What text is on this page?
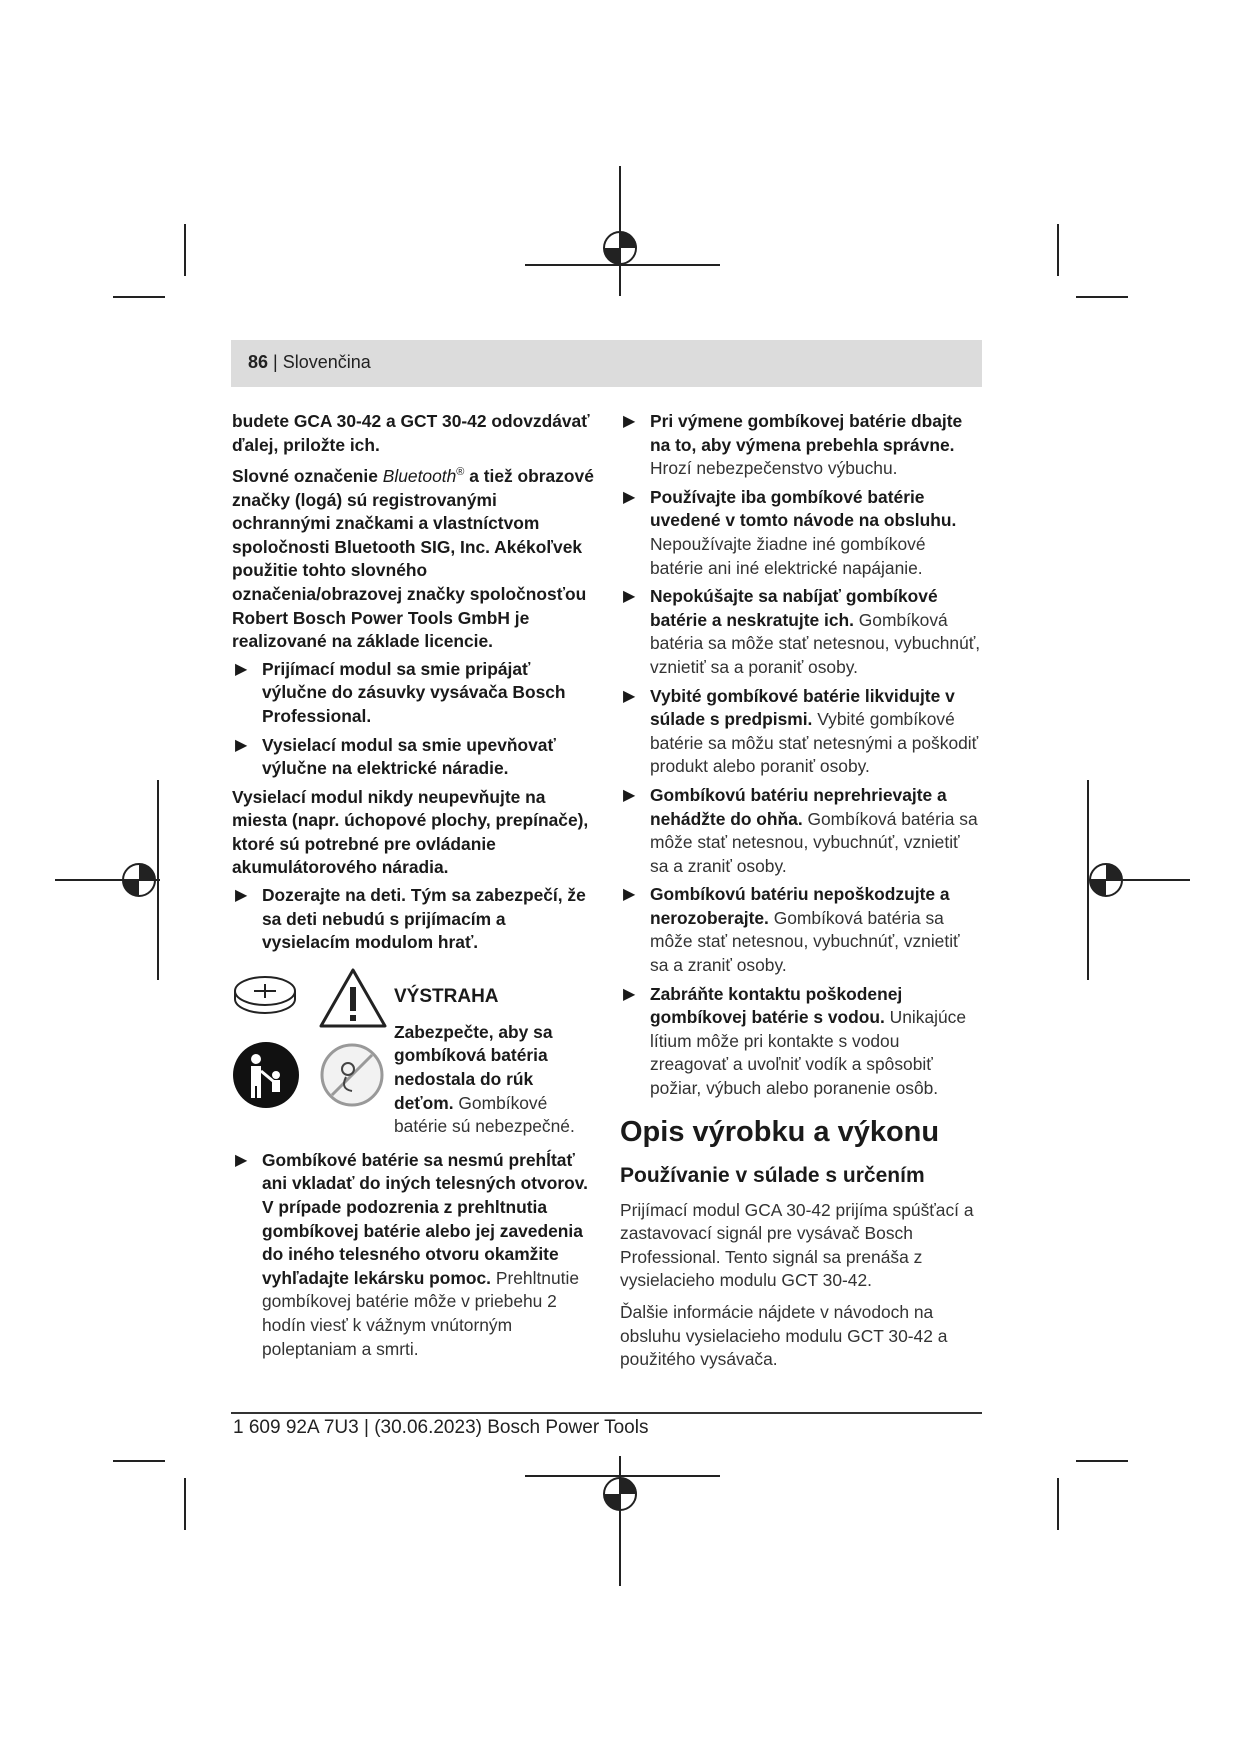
86 | Slovenčina

budete GCA 30-42 a GCT 30-42 odovzdávať ďalej, priložte ich.

Slovné označenie Bluetooth® a tiež obrazové značky (logá) sú registrovanými ochrannými značkami a vlastníctvom spoločnosti Bluetooth SIG, Inc. Akékoľvek použitie tohto slovného označenia/obrazovej značky spoločnosťou Robert Bosch Power Tools GmbH je realizované na základe licencie.

▶ Prijímací modul sa smie pripájať výlučne do zásuvky vysávača Bosch Professional.
▶ Vysielací modul sa smie upevňovať výlučne na elektrické náradie.

Vysielací modul nikdy neupevňujte na miesta (napr. úchopové plochy, prepínače), ktoré sú potrebné pre ovládanie akumulátorového náradia.

▶ Dozerajte na deti. Tým sa zabezpečí, že sa deti nebudú s prijímacím a vysielacím modulom hrať.
VÝSTRAHA

Zabezpečte, aby sa gombíková batéria nedostala do rúk deťom. Gombíkové batérie sú nebezpečné.

▶ Gombíkové batérie sa nesmú prehĺtať ani vkladať do iných telesných otvorov. V prípade podozrenia z prehltnutia gombíkovej batérie alebo jej zavedenia do iného telesného otvoru okamžite vyhľadajte lekársku pomoc. Prehltnutie gombíkovej batérie môže v priebehu 2 hodín viesť k vážnym vnútorným poleptaniam a smrti.
▶ Pri výmene gombíkovej batérie dbajte na to, aby výmena prebehla správne. Hrozí nebezpečenstvo výbuchu.
▶ Používajte iba gombíkové batérie uvedené v tomto návode na obsluhu. Nepoužívajte žiadne iné gombíkové batérie ani iné elektrické napájanie.
▶ Nepokúšajte sa nabíjať gombíkové batérie a neskratujte ich. Gombíková batéria sa môže stať netesnou, vybuchnúť, vznietiť sa a poraniť osoby.
▶ Vybité gombíkové batérie likvidujte v súlade s predpismi. Vybité gombíkové batérie sa môžu stať netesnými a poškodiť produkt alebo poraniť osoby.
▶ Gombíkovú batériu neprehrievajte a nehádžte do ohňa. Gombíková batéria sa môže stať netesnou, vybuchnúť, vznietiť sa a zraniť osoby.
▶ Gombíkovú batériu nepoškodzujte a nerozoberajte. Gombíková batéria sa môže stať netesnou, vybuchnúť, vznietiť sa a zraniť osoby.
▶ Zabráňte kontaktu poškodenej gombíkovej batérie s vodou. Unikajúce lítium môže pri kontakte s vodou zreagovať a uvoľniť vodík a spôsobiť požiar, výbuch alebo poranenie osôb.
Opis výrobku a výkonu
Používanie v súlade s určením

Prijímací modul GCA 30-42 prijíma spúšťací a zastavovací signál pre vysávač Bosch Professional. Tento signál sa prenáša z vysielacieho modulu GCT 30-42.

Ďalšie informácie nájdete v návodoch na obsluhu vysielacieho modulu GCT 30-42 a použitého vysávača.

1 609 92A 7U3 | (30.06.2023) Bosch Power Tools
